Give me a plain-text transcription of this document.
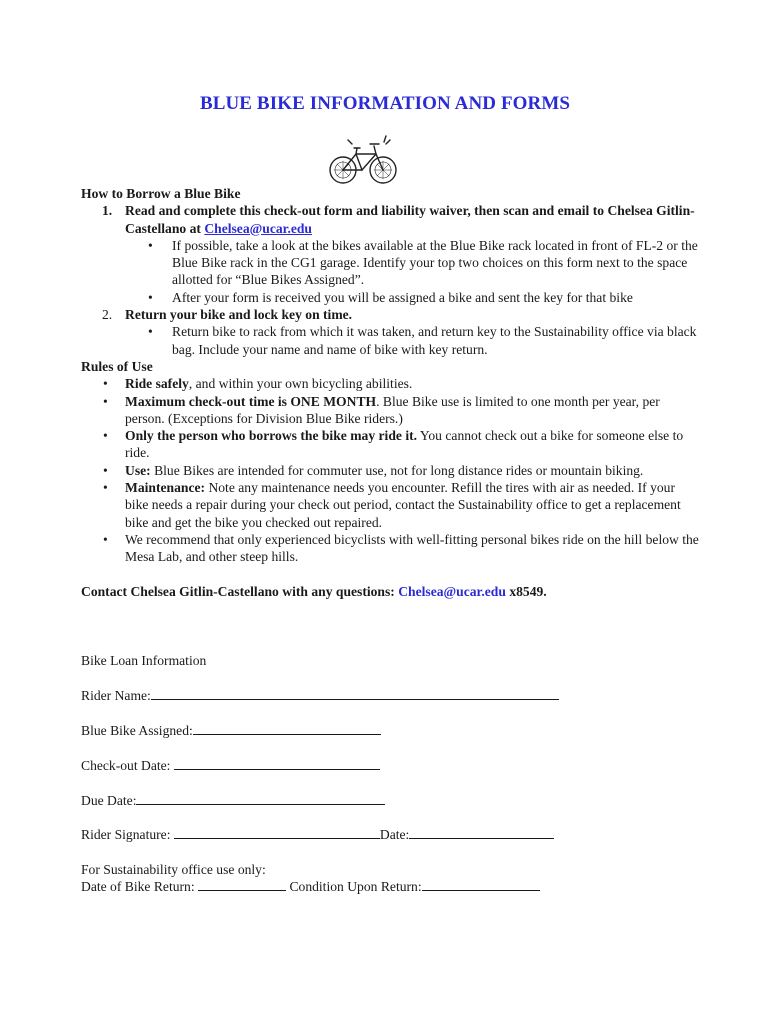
BLUE BIKE INFORMATION AND FORMS

How to Borrow a Blue Bike

1. Read and complete this check-out form and liability waiver, then scan and email to Chelsea Gitlin-Castellano at Chelsea@ucar.edu

• If possible, take a look at the bikes available at the Blue Bike rack located in front of FL-2 or the Blue Bike rack in the CG1 garage. Identify your top two choices on this form next to the space allotted for “Blue Bikes Assigned”.

• After your form is received you will be assigned a bike and sent the key for that bike

2. Return your bike and lock key on time.

• Return bike to rack from which it was taken, and return key to the Sustainability office via black bag. Include your name and name of bike with key return.

Rules of Use

• Ride safely, and within your own bicycling abilities.

• Maximum check-out time is ONE MONTH. Blue Bike use is limited to one month per year, per person. (Exceptions for Division Blue Bike riders.)

• Only the person who borrows the bike may ride it. You cannot check out a bike for someone else to ride.

• Use: Blue Bikes are intended for commuter use, not for long distance rides or mountain biking.

• Maintenance: Note any maintenance needs you encounter. Refill the tires with air as needed. If your bike needs a repair during your check out period, contact the Sustainability office to get a replacement bike and get the bike you checked out repaired.

• We recommend that only experienced bicyclists with well-fitting personal bikes ride on the hill below the Mesa Lab, and other steep hills.

Contact Chelsea Gitlin-Castellano with any questions: Chelsea@ucar.edu x8549.

Bike Loan Information
Rider Name:
Blue Bike Assigned:
Check-out Date:
Due Date:
Rider Signature:	Date:
For Sustainability office use only:
Date of Bike Return:	Condition Upon Return:
